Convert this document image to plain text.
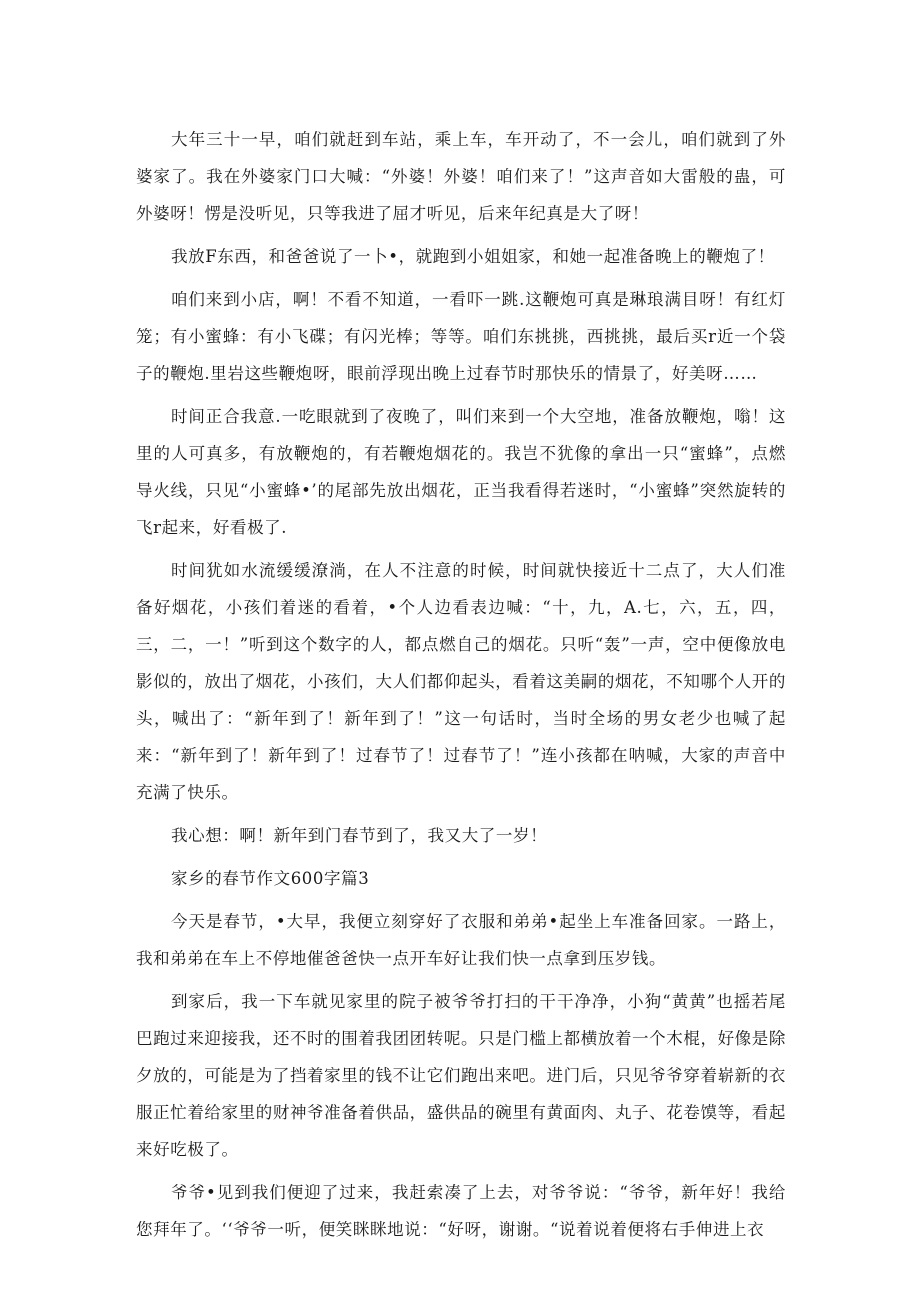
大年三十一早，咱们就赶到车站，乘上车，车开动了，不一会儿，咱们就到了外婆家了。我在外婆家门口大喊：“外婆！外婆！咱们来了！”这声音如大雷般的蛊，可外婆呀！愣是没听见，只等我进了屈才听见，后来年纪真是大了呀！

我放F东西，和爸爸说了一卜•，就跑到小姐姐家，和她一起准备晚上的鞭炮了！

咱们来到小店，啊！不看不知道，一看吓一跳.这鞭炮可真是琳琅满目呀！有红灯笼；有小蜜蜂：有小飞碟；有闪光棒；等等。咱们东挑挑，西挑挑，最后买r近一个袋子的鞭炮.里岩这些鞭炮呀，眼前浮现出晚上过春节时那快乐的情景了，好美呀……

时间正合我意.一吃眼就到了夜晚了，叫们来到一个大空地，准备放鞭炮，嗡！这里的人可真多，有放鞭炮的，有若鞭炮烟花的。我岂不犹像的拿出一只“蜜蜂”，点燃导火线，只见“小蜜蜂•’的尾部先放出烟花，正当我看得若迷时，“小蜜蜂”突然旋转的飞r起来，好看极了.

时间犹如水流缓缓潦淌，在人不注意的时候，时间就快接近十二点了，大人们准备好烟花，小孩们着迷的看着，•个人边看表边喊：“十，九，A.七，六，五，四，三，二，一！”听到这个数字的人，都点燃自己的烟花。只听“轰”一声，空中便像放电影似的，放出了烟花，小孩们，大人们都仰起头，看着这美嗣的烟花，不知哪个人开的头，喊出了：“新年到了！新年到了！”这一句话时，当时全场的男女老少也喊了起来：“新年到了！新年到了！过春节了！过春节了！”连小孩都在呐喊，大家的声音中充满了快乐。

我心想：啊！新年到门春节到了，我又大了一岁！

家乡的春节作文600字篇3

今天是春节，•大早，我便立刻穿好了衣服和弟弟•起坐上车准备回家。一路上，我和弟弟在车上不停地催爸爸快一点开车好让我们快一点拿到压岁钱。

到家后，我一下车就见家里的院子被爷爷打扫的干干净净，小狗“黄黄”也摇若尾巴跑过来迎接我，还不时的围着我团团转呢。只是门槛上都横放着一个木棍，好像是除夕放的，可能是为了挡着家里的钱不让它们跑出来吧。进门后，只见爷爷穿着崭新的衣服正忙着给家里的财神爷准备着供品，盛供品的碗里有黄面肉、丸子、花卷馍等，看起来好吃极了。

爷爷•见到我们便迎了过来，我赶索凑了上去，对爷爷说：“爷爷，新年好！我给您拜年了。‘‘爷爷一听，便笑眯眯地说：“好呀，谢谢。“说着说着便将右手伸进上衣
